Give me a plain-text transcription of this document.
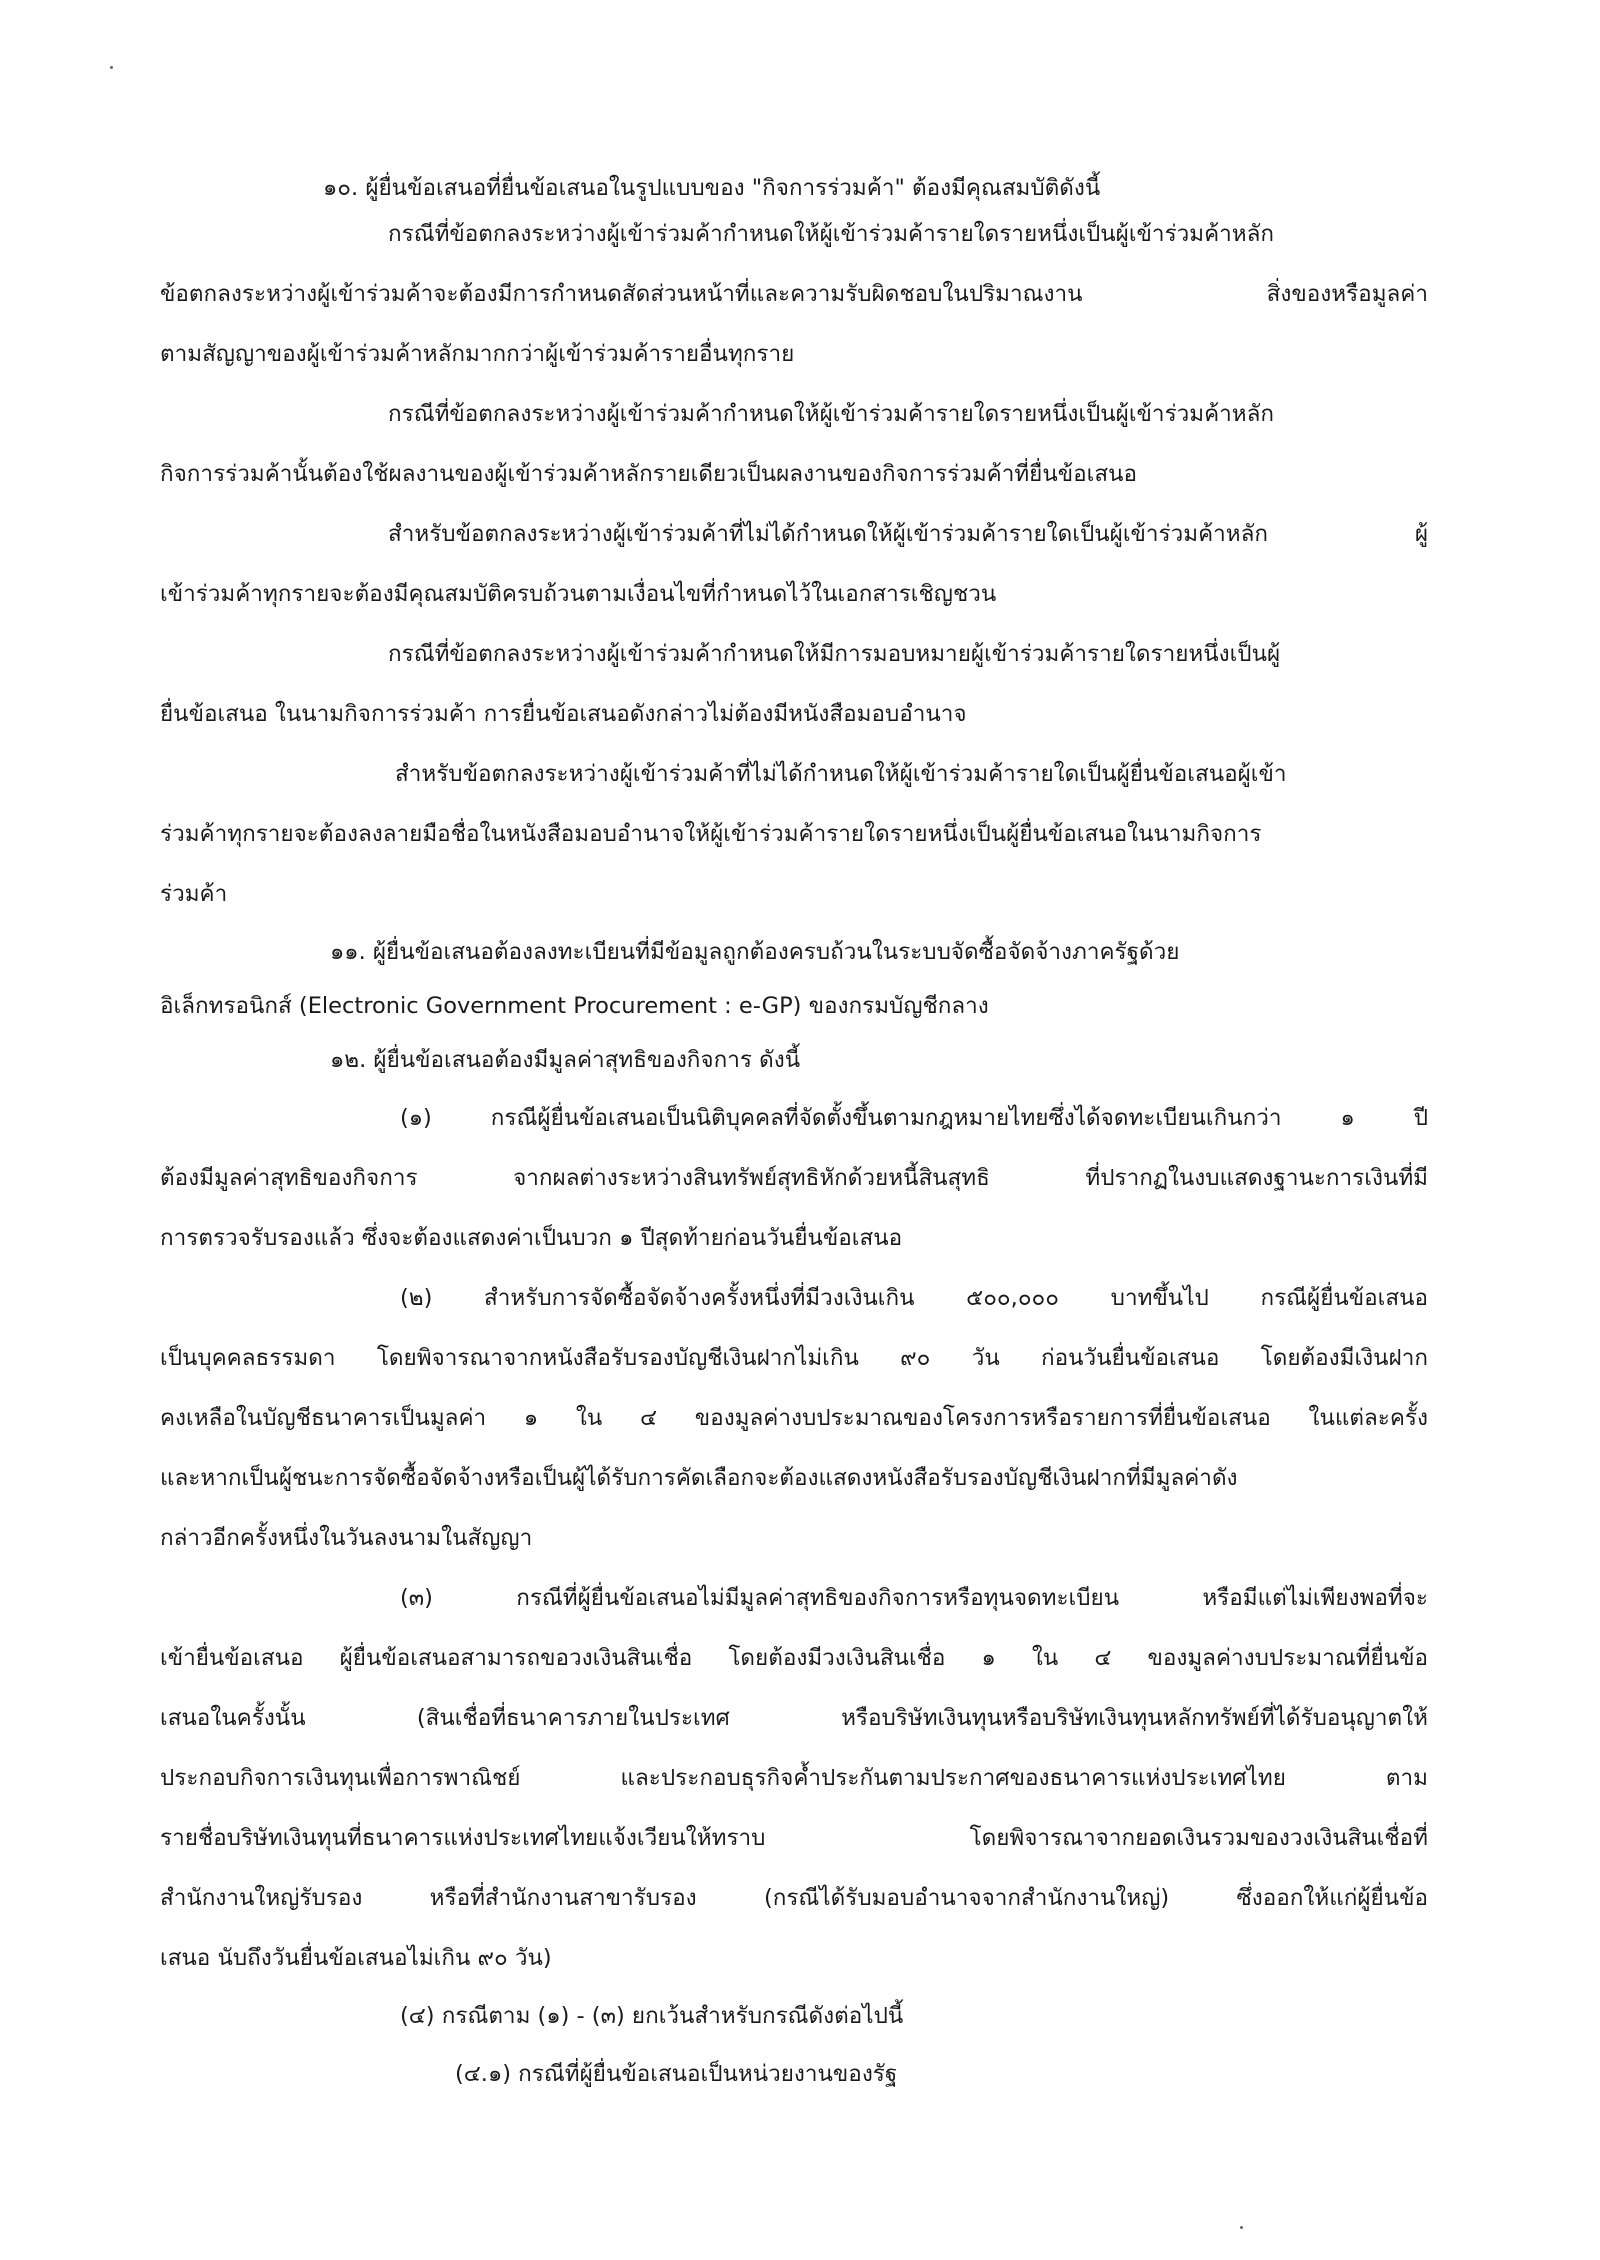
๑๐. ผู้ยื่นข้อเสนอที่ยื่นข้อเสนอในรูปแบบของ "กิจการร่วมค้า" ต้องมีคุณสมบัติดังนี้
กรณีที่ข้อตกลงระหว่างผู้เข้าร่วมค้ากำหนดให้ผู้เข้าร่วมค้ารายใดรายหนึ่งเป็นผู้เข้าร่วมค้าหลัก
ข้อตกลงระหว่างผู้เข้าร่วมค้าจะต้องมีการกำหนดสัดส่วนหน้าที่และความรับผิดชอบในปริมาณงาน สิ่งของหรือมูลค่า
ตามสัญญาของผู้เข้าร่วมค้าหลักมากกว่าผู้เข้าร่วมค้ารายอื่นทุกราย
กรณีที่ข้อตกลงระหว่างผู้เข้าร่วมค้ากำหนดให้ผู้เข้าร่วมค้ารายใดรายหนึ่งเป็นผู้เข้าร่วมค้าหลัก
กิจการร่วมค้านั้นต้องใช้ผลงานของผู้เข้าร่วมค้าหลักรายเดียวเป็นผลงานของกิจการร่วมค้าที่ยื่นข้อเสนอ
สำหรับข้อตกลงระหว่างผู้เข้าร่วมค้าที่ไม่ได้กำหนดให้ผู้เข้าร่วมค้ารายใดเป็นผู้เข้าร่วมค้าหลัก ผู้
เข้าร่วมค้าทุกรายจะต้องมีคุณสมบัติครบถ้วนตามเงื่อนไขที่กำหนดไว้ในเอกสารเชิญชวน
กรณีที่ข้อตกลงระหว่างผู้เข้าร่วมค้ากำหนดให้มีการมอบหมายผู้เข้าร่วมค้ารายใดรายหนึ่งเป็นผู้
ยื่นข้อเสนอ ในนามกิจการร่วมค้า การยื่นข้อเสนอดังกล่าวไม่ต้องมีหนังสือมอบอำนาจ
สำหรับข้อตกลงระหว่างผู้เข้าร่วมค้าที่ไม่ได้กำหนดให้ผู้เข้าร่วมค้ารายใดเป็นผู้ยื่นข้อเสนอผู้เข้า
ร่วมค้าทุกรายจะต้องลงลายมือชื่อในหนังสือมอบอำนาจให้ผู้เข้าร่วมค้ารายใดรายหนึ่งเป็นผู้ยื่นข้อเสนอในนามกิจการ
ร่วมค้า
๑๑. ผู้ยื่นข้อเสนอต้องลงทะเบียนที่มีข้อมูลถูกต้องครบถ้วนในระบบจัดซื้อจัดจ้างภาครัฐด้วย
อิเล็กทรอนิกส์ (Electronic Government Procurement : e-GP) ของกรมบัญชีกลาง
๑๒. ผู้ยื่นข้อเสนอต้องมีมูลค่าสุทธิของกิจการ ดังนี้
(๑) กรณีผู้ยื่นข้อเสนอเป็นนิติบุคคลที่จัดตั้งขึ้นตามกฎหมายไทยซึ่งได้จดทะเบียนเกินกว่า ๑ ปี
ต้องมีมูลค่าสุทธิของกิจการ จากผลต่างระหว่างสินทรัพย์สุทธิหักด้วยหนี้สินสุทธิ ที่ปรากฏในงบแสดงฐานะการเงินที่มี
การตรวจรับรองแล้ว ซึ่งจะต้องแสดงค่าเป็นบวก ๑ ปีสุดท้ายก่อนวันยื่นข้อเสนอ
(๒) สำหรับการจัดซื้อจัดจ้างครั้งหนึ่งที่มีวงเงินเกิน ๕๐๐,๐๐๐ บาทขึ้นไป กรณีผู้ยื่นข้อเสนอ
เป็นบุคคลธรรมดา โดยพิจารณาจากหนังสือรับรองบัญชีเงินฝากไม่เกิน ๙๐ วัน ก่อนวันยื่นข้อเสนอ โดยต้องมีเงินฝาก
คงเหลือในบัญชีธนาคารเป็นมูลค่า ๑ ใน ๔ ของมูลค่างบประมาณของโครงการหรือรายการที่ยื่นข้อเสนอ ในแต่ละครั้ง
และหากเป็นผู้ชนะการจัดซื้อจัดจ้างหรือเป็นผู้ได้รับการคัดเลือกจะต้องแสดงหนังสือรับรองบัญชีเงินฝากที่มีมูลค่าดัง
กล่าวอีกครั้งหนึ่งในวันลงนามในสัญญา
(๓) กรณีที่ผู้ยื่นข้อเสนอไม่มีมูลค่าสุทธิของกิจการหรือทุนจดทะเบียน หรือมีแต่ไม่เพียงพอที่จะ
เข้ายื่นข้อเสนอ ผู้ยื่นข้อเสนอสามารถขอวงเงินสินเชื่อ โดยต้องมีวงเงินสินเชื่อ ๑ ใน ๔ ของมูลค่างบประมาณที่ยื่นข้อ
เสนอในครั้งนั้น (สินเชื่อที่ธนาคารภายในประเทศ หรือบริษัทเงินทุนหรือบริษัทเงินทุนหลักทรัพย์ที่ได้รับอนุญาตให้
ประกอบกิจการเงินทุนเพื่อการพาณิชย์ และประกอบธุรกิจค้ำประกันตามประกาศของธนาคารแห่งประเทศไทย ตาม
รายชื่อบริษัทเงินทุนที่ธนาคารแห่งประเทศไทยแจ้งเวียนให้ทราบ โดยพิจารณาจากยอดเงินรวมของวงเงินสินเชื่อที่
สำนักงานใหญ่รับรอง หรือที่สำนักงานสาขารับรอง (กรณีได้รับมอบอำนาจจากสำนักงานใหญ่) ซึ่งออกให้แก่ผู้ยื่นข้อ
เสนอ นับถึงวันยื่นข้อเสนอไม่เกิน ๙๐ วัน)
(๔) กรณีตาม (๑) - (๓) ยกเว้นสำหรับกรณีดังต่อไปนี้
(๔.๑) กรณีที่ผู้ยื่นข้อเสนอเป็นหน่วยงานของรัฐ
